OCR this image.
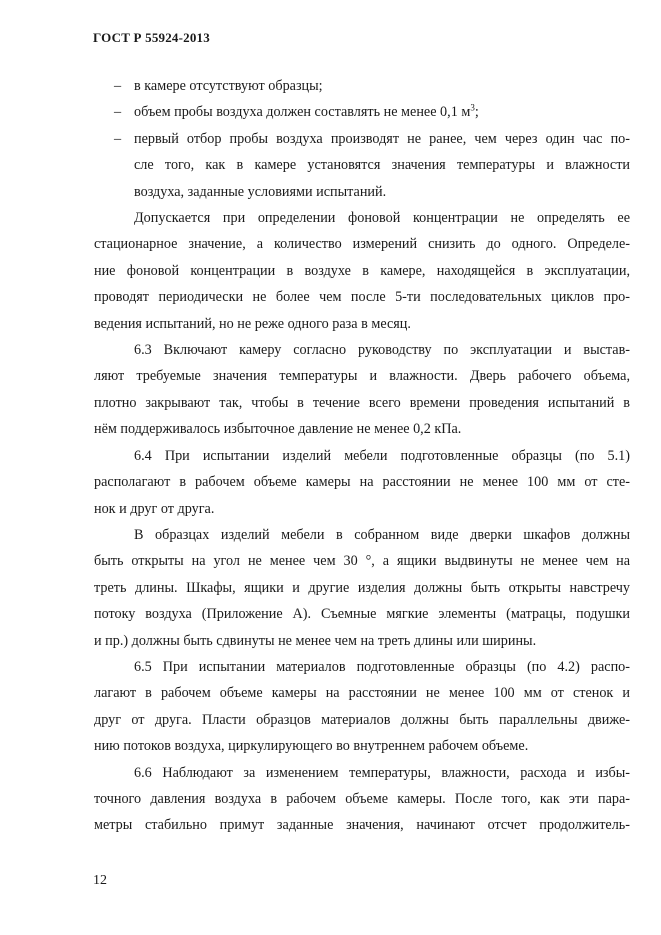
ГОСТ Р 55924-2013
– в камере отсутствуют образцы;
– объем пробы воздуха должен составлять не менее 0,1 $м^3$;
– первый отбор пробы воздуха производят не ранее, чем через один час по-
сле того, как в камере установятся значения температуры и влажности
воздуха, заданные условиями испытаний.

Допускается при определении фоновой концентрации не определять ее
стационарное значение, а количество измерений снизить до одного. Определе-
ние фоновой концентрации в воздухе в камере, находящейся в эксплуатации,
проводят периодически не более чем после 5-ти последовательных циклов про-
ведения испытаний, но не реже одного раза в месяц.

6.3 Включают камеру согласно руководству по эксплуатации и выстав-
ляют требуемые значения температуры и влажности. Дверь рабочего объема,
плотно закрывают так, чтобы в течение всего времени проведения испытаний в
нём поддерживалось избыточное давление не менее 0,2 кПа.

6.4 При испытании изделий мебели подготовленные образцы (по 5.1)
располагают в рабочем объеме камеры на расстоянии не менее 100 мм от сте-
нок и друг от друга.

В образцах изделий мебели в собранном виде дверки шкафов должны
быть открыты на угол не менее чем 30 °, а ящики выдвинуты не менее чем на
треть длины. Шкафы, ящики и другие изделия должны быть открыты навстречу
потоку воздуха (Приложение А). Съемные мягкие элементы (матрацы, подушки
и пр.) должны быть сдвинуты не менее чем на треть длины или ширины.

6.5 При испытании материалов подготовленные образцы (по 4.2) распо-
лагают в рабочем объеме камеры на расстоянии не менее 100 мм от стенок и
друг от друга. Пласти образцов материалов должны быть параллельны движе-
нию потоков воздуха, циркулирующего во внутреннем рабочем объеме.

6.6 Наблюдают за изменением температуры, влажности, расхода и избы-
точного давления воздуха в рабочем объеме камеры. После того, как эти пара-
метры стабильно примут заданные значения, начинают отсчет продолжитель-

12
